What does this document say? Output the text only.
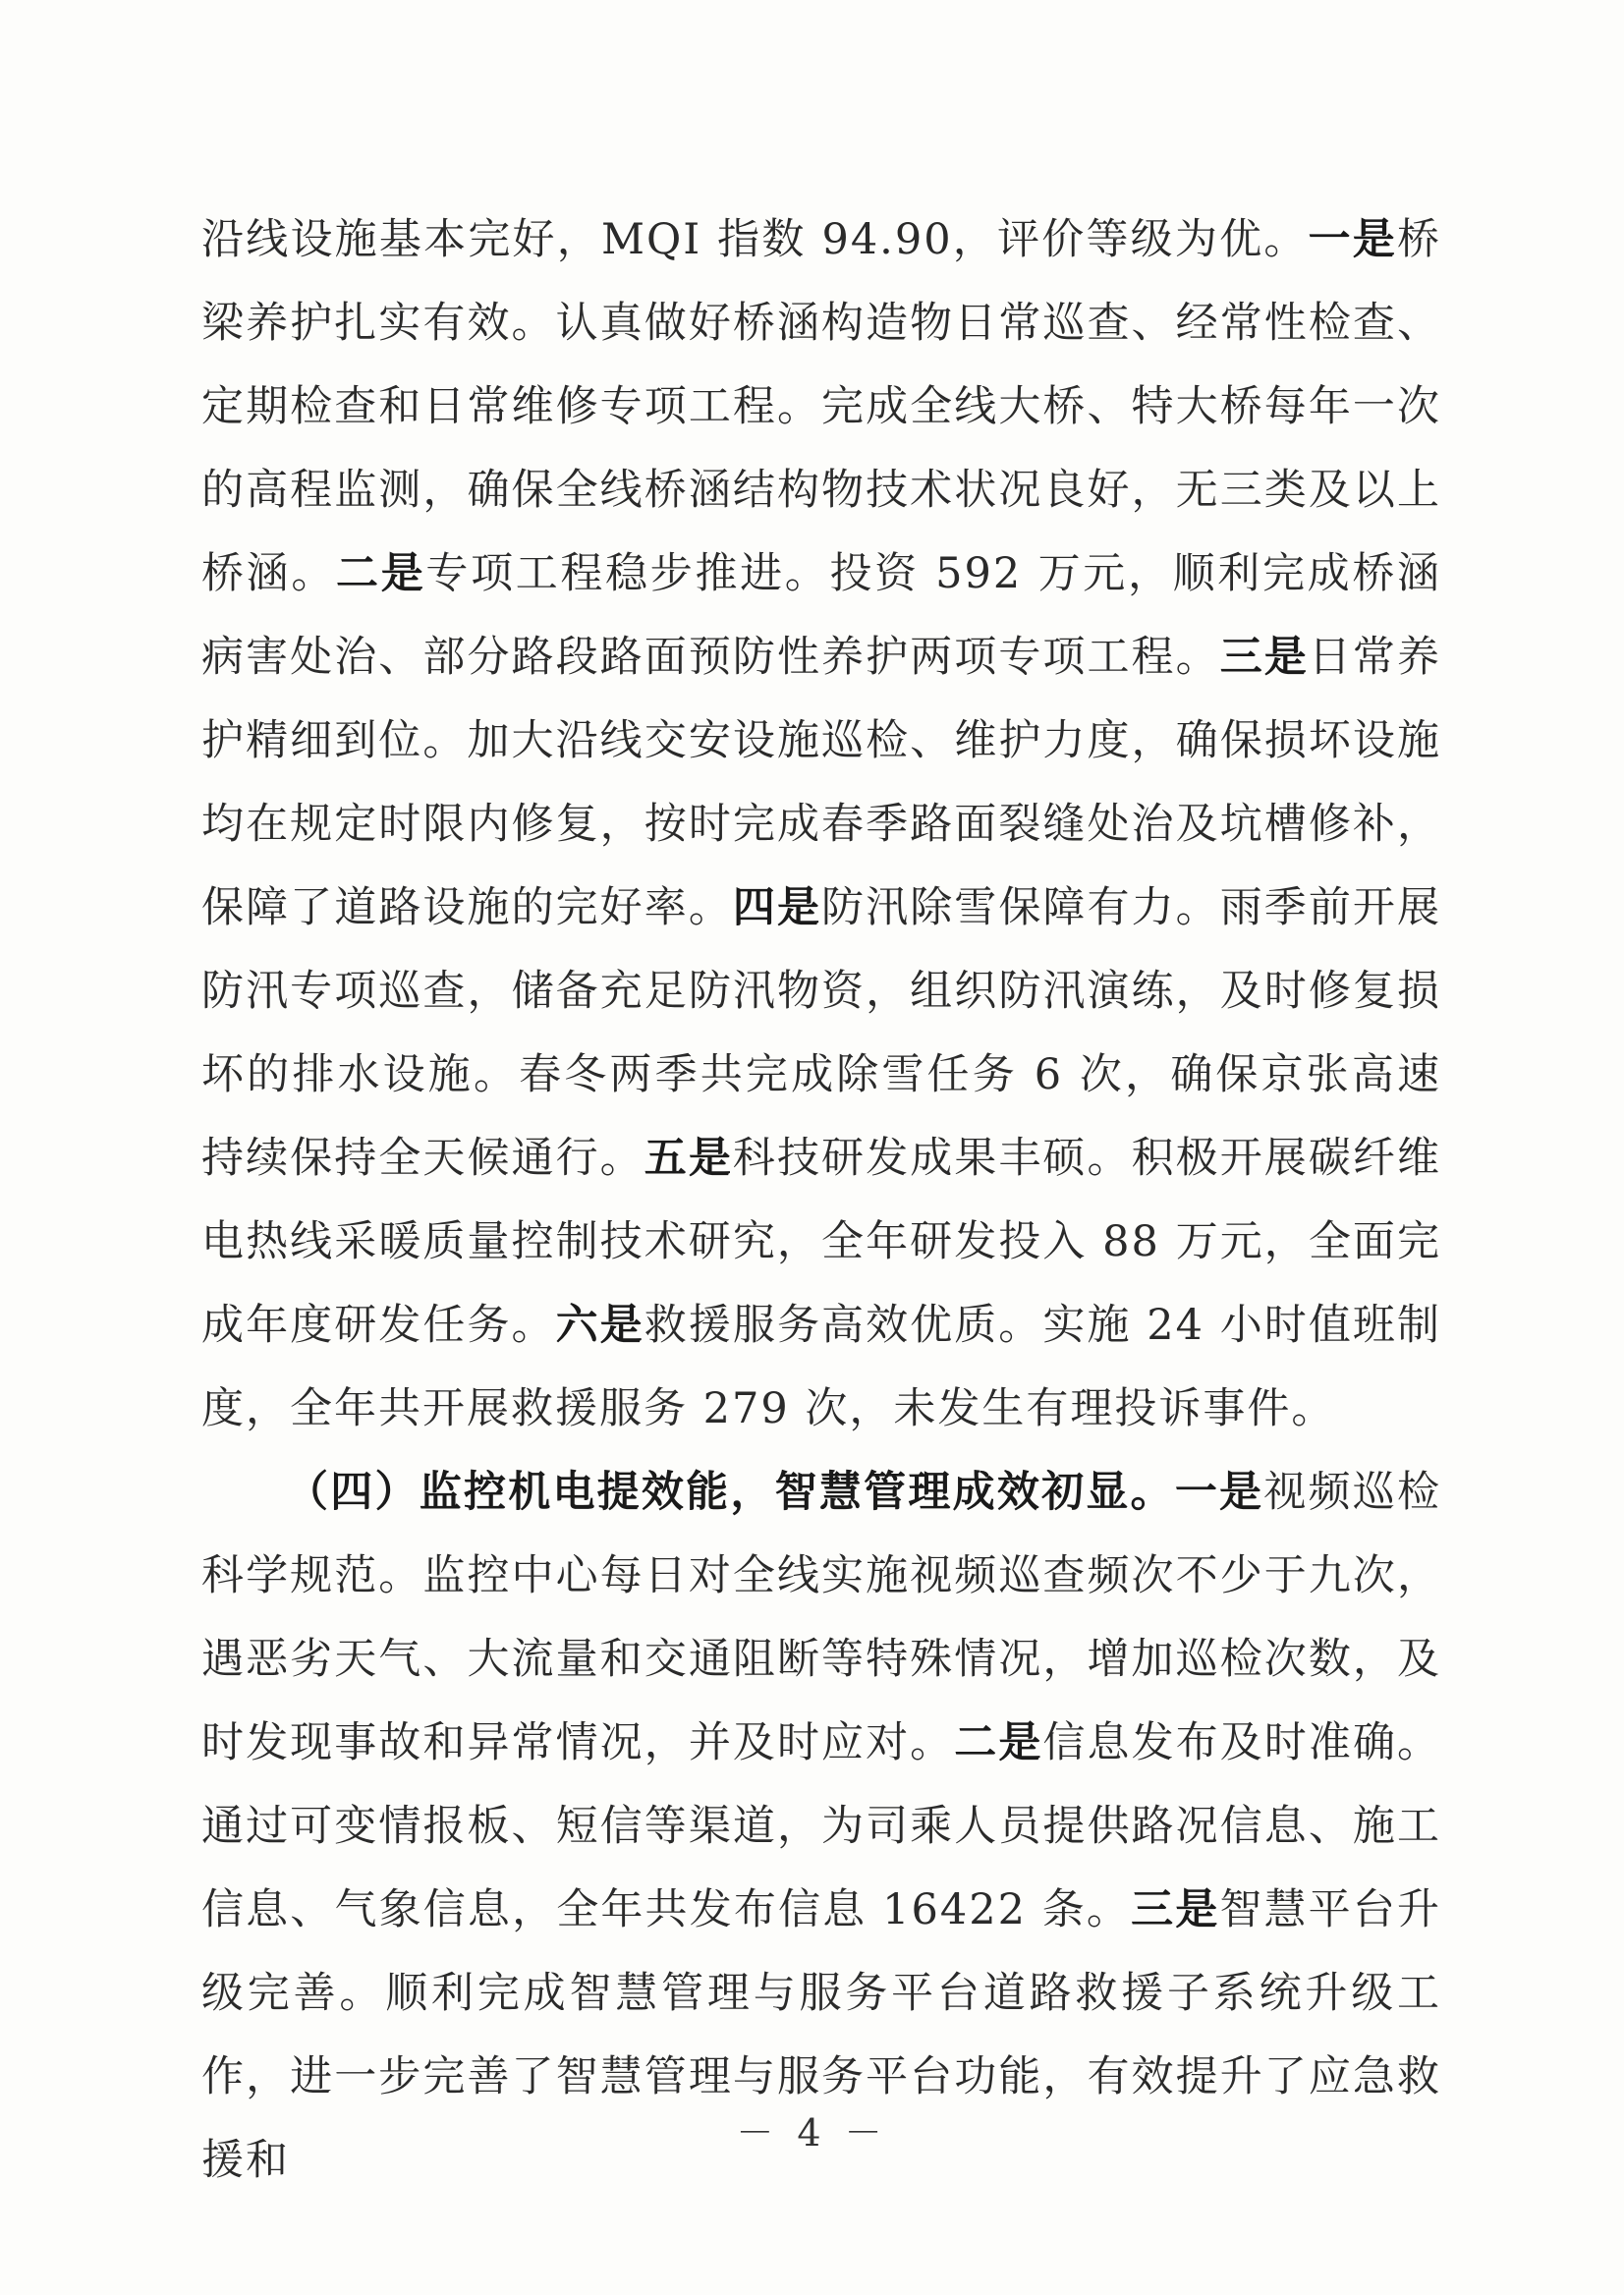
沿线设施基本完好，MQI 指数 94.90，评价等级为优。一是桥梁养护扎实有效。认真做好桥涵构造物日常巡查、经常性检查、定期检查和日常维修专项工程。完成全线大桥、特大桥每年一次的高程监测，确保全线桥涵结构物技术状况良好，无三类及以上桥涵。二是专项工程稳步推进。投资 592 万元，顺利完成桥涵病害处治、部分路段路面预防性养护两项专项工程。三是日常养护精细到位。加大沿线交安设施巡检、维护力度，确保损坏设施均在规定时限内修复，按时完成春季路面裂缝处治及坑槽修补，保障了道路设施的完好率。四是防汛除雪保障有力。雨季前开展防汛专项巡查，储备充足防汛物资，组织防汛演练，及时修复损坏的排水设施。春冬两季共完成除雪任务 6 次，确保京张高速持续保持全天候通行。五是科技研发成果丰硕。积极开展碳纤维电热线采暖质量控制技术研究，全年研发投入 88 万元，全面完成年度研发任务。六是救援服务高效优质。实施 24 小时值班制度，全年共开展救援服务 279 次，未发生有理投诉事件。

（四）监控机电提效能，智慧管理成效初显。一是视频巡检科学规范。监控中心每日对全线实施视频巡查频次不少于九次，遇恶劣天气、大流量和交通阻断等特殊情况，增加巡检次数，及时发现事故和异常情况，并及时应对。二是信息发布及时准确。通过可变情报板、短信等渠道，为司乘人员提供路况信息、施工信息、气象信息，全年共发布信息 16422 条。三是智慧平台升级完善。顺利完成智慧管理与服务平台道路救援子系统升级工作，进一步完善了智慧管理与服务平台功能，有效提升了应急救援和

－ 4 －
